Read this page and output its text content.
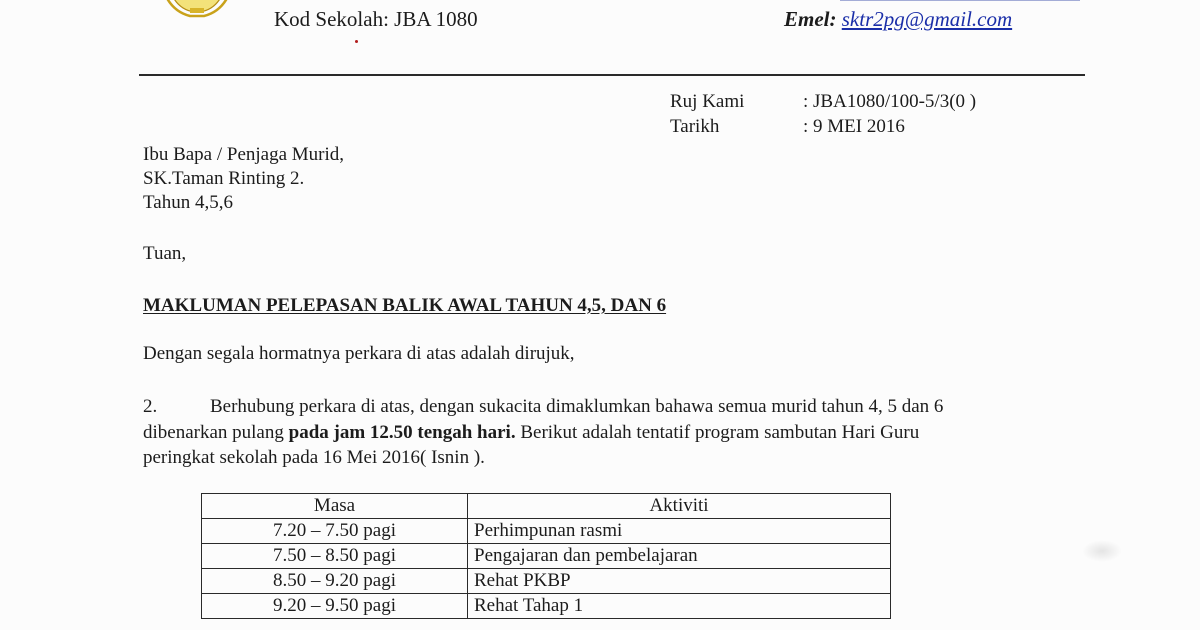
Kod Sekolah: JBA 1080	Emel: sktr2pg@gmail.com
Ruj Kami	: JBA1080/100-5/3(0 )
Tarikh	: 9 MEI 2016
Ibu Bapa / Penjaga Murid,
SK.Taman Rinting 2.
Tahun 4,5,6
Tuan,
MAKLUMAN PELEPASAN BALIK AWAL TAHUN 4,5, DAN 6
Dengan segala hormatnya perkara di atas adalah dirujuk,
2.	Berhubung perkara di atas, dengan sukacita dimaklumkan bahawa semua murid tahun 4, 5 dan 6
dibenarkan pulang pada jam 12.50 tengah hari. Berikut adalah tentatif program sambutan Hari Guru
peringkat sekolah pada 16 Mei 2016( Isnin ).
Masa	Aktiviti
7.20 – 7.50 pagi	Perhimpunan rasmi
7.50 – 8.50 pagi	Pengajaran dan pembelajaran
8.50 – 9.20 pagi	Rehat PKBP
9.20 – 9.50 pagi	Rehat Tahap 1
